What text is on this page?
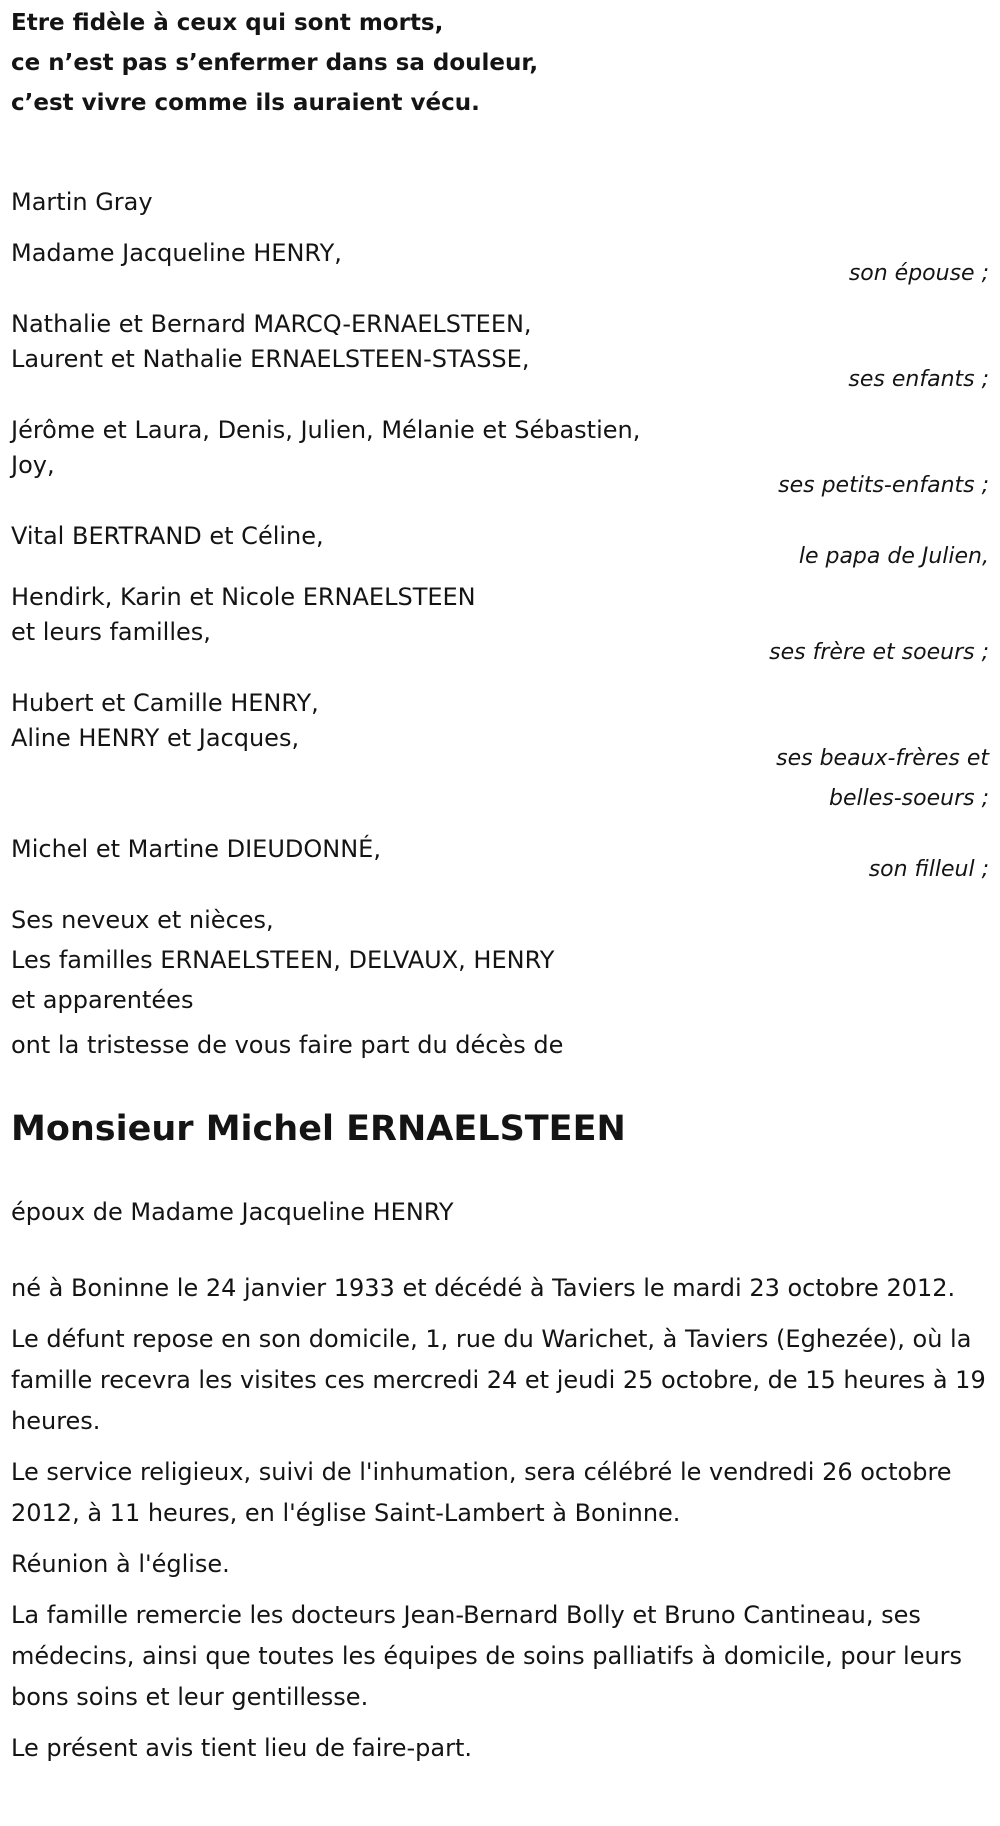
Etre fidèle à ceux qui sont morts,
ce n’est pas s’enfermer dans sa douleur,
c’est vivre comme ils auraient vécu.
Martin Gray
Madame Jacqueline HENRY,
son épouse ;
Nathalie et Bernard MARCQ-ERNAELSTEEN,
Laurent et Nathalie ERNAELSTEEN-STASSE,
ses enfants ;
Jérôme et Laura, Denis, Julien, Mélanie et Sébastien,
Joy,
ses petits-enfants ;
Vital BERTRAND et Céline,
le papa de Julien,
Hendirk, Karin et Nicole ERNAELSTEEN
et leurs familles,
ses frère et soeurs ;
Hubert et Camille HENRY,
Aline HENRY et Jacques,
ses beaux-frères et
belles-soeurs ;
Michel et Martine DIEUDONNÉ,
son filleul ;
Ses neveux et nièces,
Les familles ERNAELSTEEN, DELVAUX, HENRY
et apparentées
ont la tristesse de vous faire part du décès de
Monsieur Michel ERNAELSTEEN
époux de Madame Jacqueline HENRY

né à Boninne le 24 janvier 1933 et décédé à Taviers le mardi 23 octobre 2012.

Le défunt repose en son domicile, 1, rue du Warichet, à Taviers (Eghezée), où la famille recevra les visites ces mercredi 24 et jeudi 25 octobre, de 15 heures à 19 heures.

Le service religieux, suivi de l'inhumation, sera célébré le vendredi 26 octobre 2012, à 11 heures, en l'église Saint-Lambert à Boninne.

Réunion à l'église.

La famille remercie les docteurs Jean-Bernard Bolly et Bruno Cantineau, ses médecins, ainsi que toutes les équipes de soins palliatifs à domicile, pour leurs bons soins et leur gentillesse.

Le présent avis tient lieu de faire-part.
